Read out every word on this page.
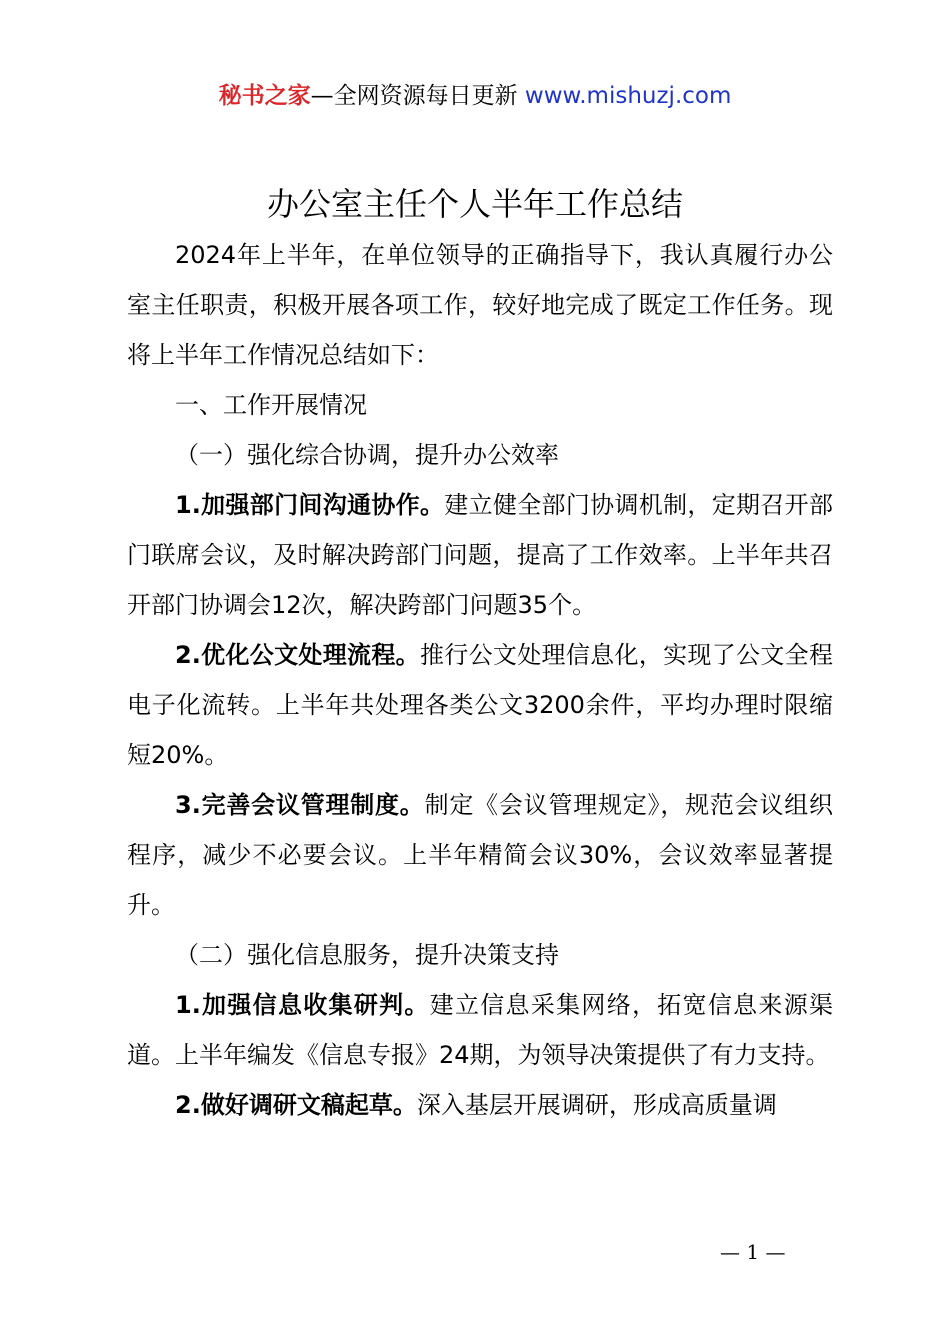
秘书之家—全网资源每日更新 www.mishuzj.com
办公室主任个人半年工作总结

2024年上半年，在单位领导的正确指导下，我认真履行办公室主任职责，积极开展各项工作，较好地完成了既定工作任务。现将上半年工作情况总结如下：

一、工作开展情况

（一）强化综合协调，提升办公效率

1.加强部门间沟通协作。建立健全部门协调机制，定期召开部门联席会议，及时解决跨部门问题，提高了工作效率。上半年共召开部门协调会12次，解决跨部门问题35个。

2.优化公文处理流程。推行公文处理信息化，实现了公文全程电子化流转。上半年共处理各类公文3200余件，平均办理时限缩短20%。

3.完善会议管理制度。制定《会议管理规定》，规范会议组织程序，减少不必要会议。上半年精简会议30%，会议效率显著提升。

（二）强化信息服务，提升决策支持

1.加强信息收集研判。建立信息采集网络，拓宽信息来源渠道。上半年编发《信息专报》24期，为领导决策提供了有力支持。

2.做好调研文稿起草。深入基层开展调研，形成高质量调

— 1 —
